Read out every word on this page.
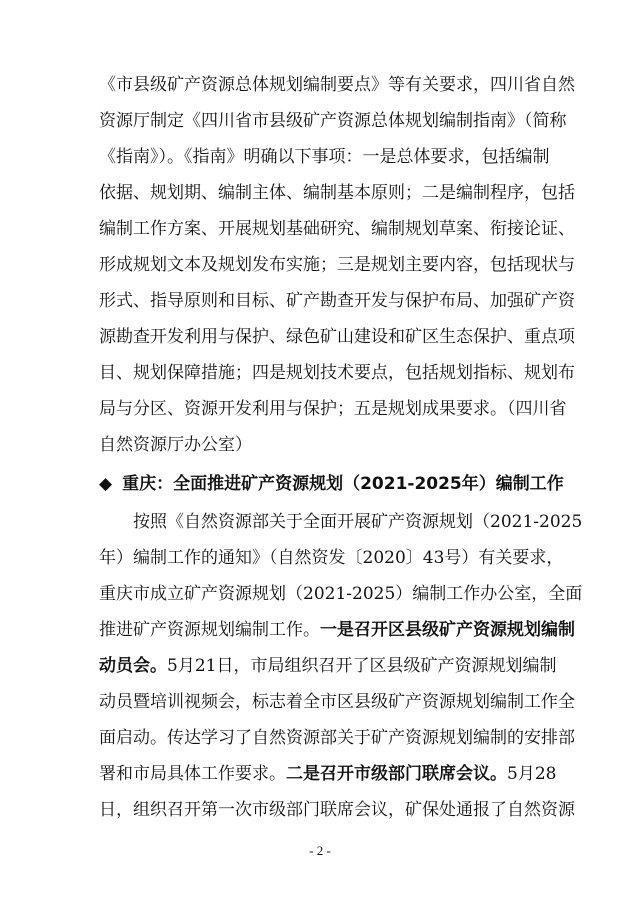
《市县级矿产资源总体规划编制要点》等有关要求，四川省自然
资源厅制定《四川省市县级矿产资源总体规划编制指南》（简称
《指南》）。《指南》明确以下事项：一是总体要求，包括编制
依据、规划期、编制主体、编制基本原则；二是编制程序，包括
编制工作方案、开展规划基础研究、编制规划草案、衔接论证、
形成规划文本及规划发布实施；三是规划主要内容，包括现状与
形式、指导原则和目标、矿产勘查开发与保护布局、加强矿产资
源勘查开发利用与保护、绿色矿山建设和矿区生态保护、重点项
目、规划保障措施；四是规划技术要点，包括规划指标、规划布
局与分区、资源开发利用与保护；五是规划成果要求。（四川省
自然资源厅办公室）
◆ 重庆：全面推进矿产资源规划（2021-2025年）编制工作
按照《自然资源部关于全面开展矿产资源规划（2021-2025
年）编制工作的通知》（自然资发〔2020〕43号）有关要求，
重庆市成立矿产资源规划（2021-2025）编制工作办公室，全面
推进矿产资源规划编制工作。一是召开区县级矿产资源规划编制
动员会。5月21日，市局组织召开了区县级矿产资源规划编制
动员暨培训视频会，标志着全市区县级矿产资源规划编制工作全
面启动。传达学习了自然资源部关于矿产资源规划编制的安排部
署和市局具体工作要求。二是召开市级部门联席会议。5月28
日，组织召开第一次市级部门联席会议，矿保处通报了自然资源
- 2 -
